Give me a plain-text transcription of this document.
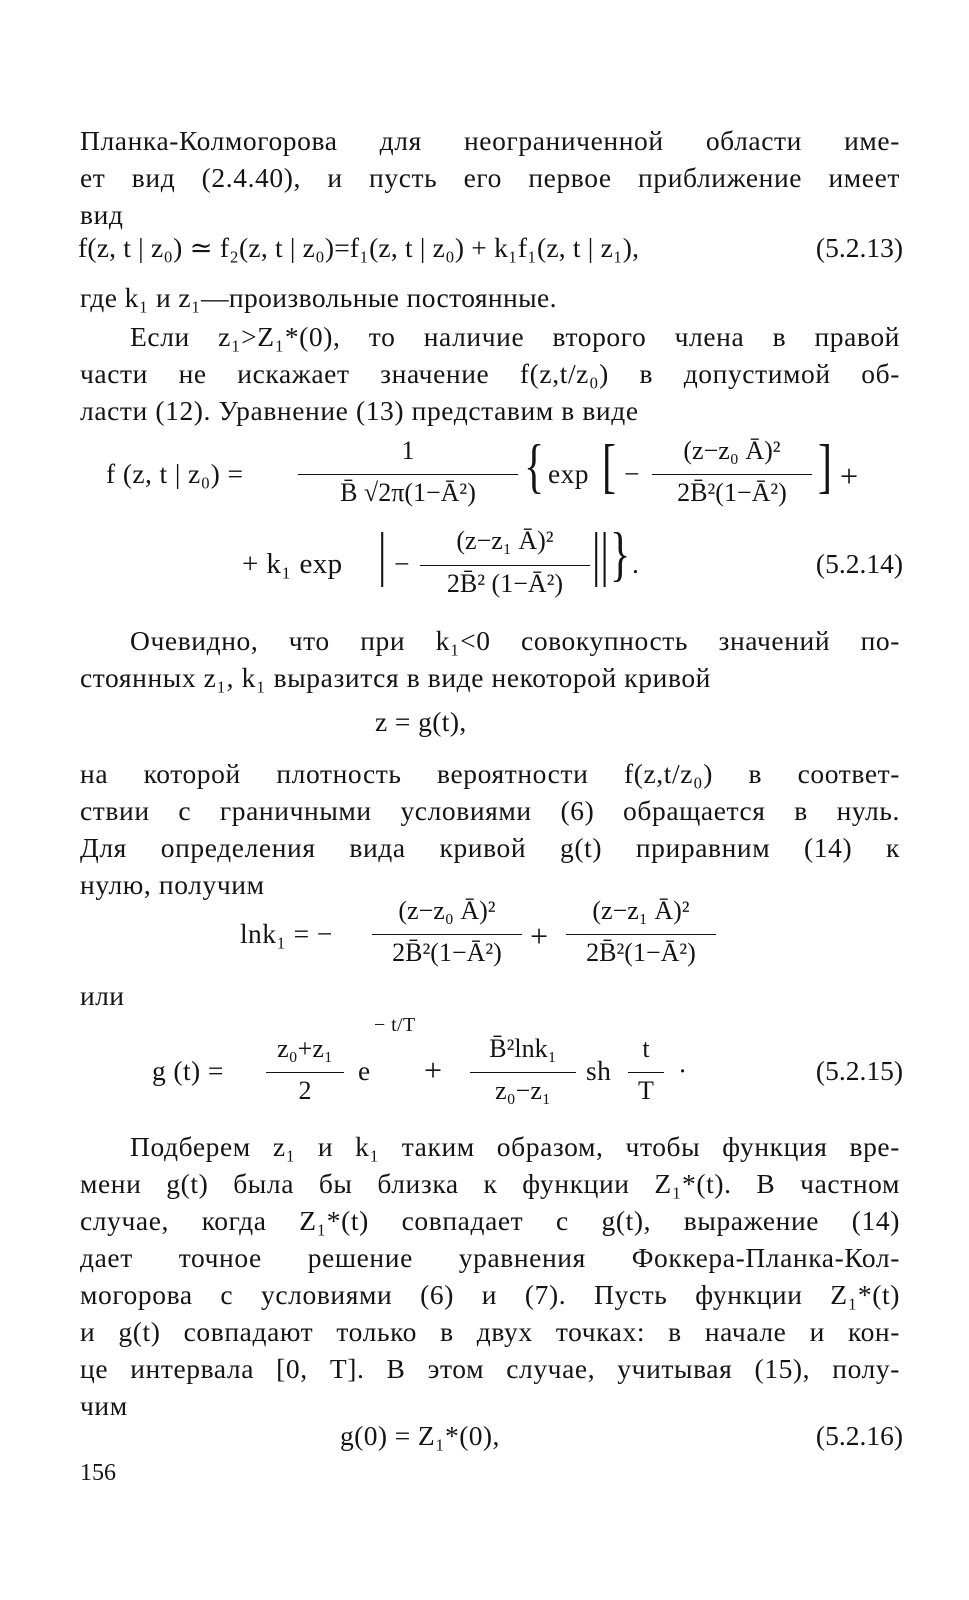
Планка-Колмогорова для неограниченной области име-
ет вид (2.4.40), и пусть его первое приближение имеет
вид
f(z, t | z₀) ≃ f₂(z, t | z₀)=f₁(z, t | z₀) + k₁f₁(z, t | z₁),	(5.2.13)
где k₁ и z₁—произвольные постоянные.
Если z₁>Z₁*(0), то наличие второго члена в правой
части не искажает значение f(z,t/z₀) в допустимой об-
ласти (12). Уравнение (13) представим в виде
f (z, t | z₀) =
1
B̄ √2π(1−Ā²) { exp [ −
(z−z₀ Ā)²
2B̄²(1−Ā²) ] +
+ k₁ exp | −
(z−z₁ Ā)²
2B̄² (1−Ā²) || } .	(5.2.14)
Очевидно, что при k₁<0 совокупность значений по-
стоянных z₁, k₁ выразится в виде некоторой кривой
z = g(t),
на которой плотность вероятности f(z,t/z₀) в соответ-
ствии с граничными условиями (6) обращается в нуль.
Для определения вида кривой g(t) приравним (14) к
нулю, получим
lnk₁ = −
(z−z₀ Ā)²
2B̄²(1−Ā²) +
(z−z₁ Ā)²
2B̄²(1−Ā²)
или
g (t) =
z₀+z₁
2
e
− t/T
+
B̄²lnk₁
z₀−z₁
sh
t
T
·	(5.2.15)
Подберем z₁ и k₁ таким образом, чтобы функция вре-
мени g(t) была бы близка к функции Z₁*(t). В частном
случае, когда Z₁*(t) совпадает с g(t), выражение (14)
дает точное решение уравнения Фоккера-Планка-Кол-
могорова с условиями (6) и (7). Пусть функции Z₁*(t)
и g(t) совпадают только в двух точках: в начале и кон-
це интервала [0, T]. В этом случае, учитывая (15), полу-
чим
g(0) = Z₁*(0),	(5.2.16)
156
